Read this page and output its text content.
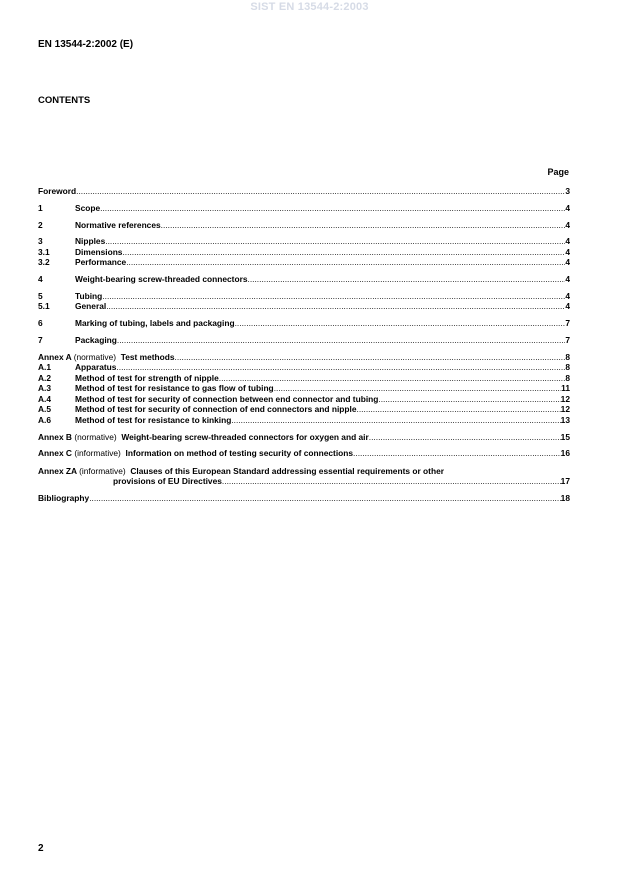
SIST EN 13544-2:2003
EN 13544-2:2002 (E)
CONTENTS
Page
Foreword .....	3
1	Scope .....	4
2	Normative references .....	4
3	Nipples .....	4
3.1	Dimensions .....	4
3.2	Performance .....	4
4	Weight-bearing screw-threaded connectors .....	4
5	Tubing .....	4
5.1	General .....	4
6	Marking of tubing, labels and packaging .....	7
7	Packaging .....	7
Annex A (normative) Test methods .....	8
A.1	Apparatus .....	8
A.2	Method of test for strength of nipple .....	8
A.3	Method of test for resistance to gas flow of tubing .....	11
A.4	Method of test for security of connection between end connector and tubing .....	12
A.5	Method of test for security of connection of end connectors and nipple .....	12
A.6	Method of test for resistance to kinking .....	13
Annex B (normative) Weight-bearing screw-threaded connectors for oxygen and air .....	15
Annex C (informative) Information on method of testing security of connections .....	16
Annex ZA (informative) Clauses of this European Standard addressing essential requirements or other
provisions of EU Directives .....	17
Bibliography .....	18
2
